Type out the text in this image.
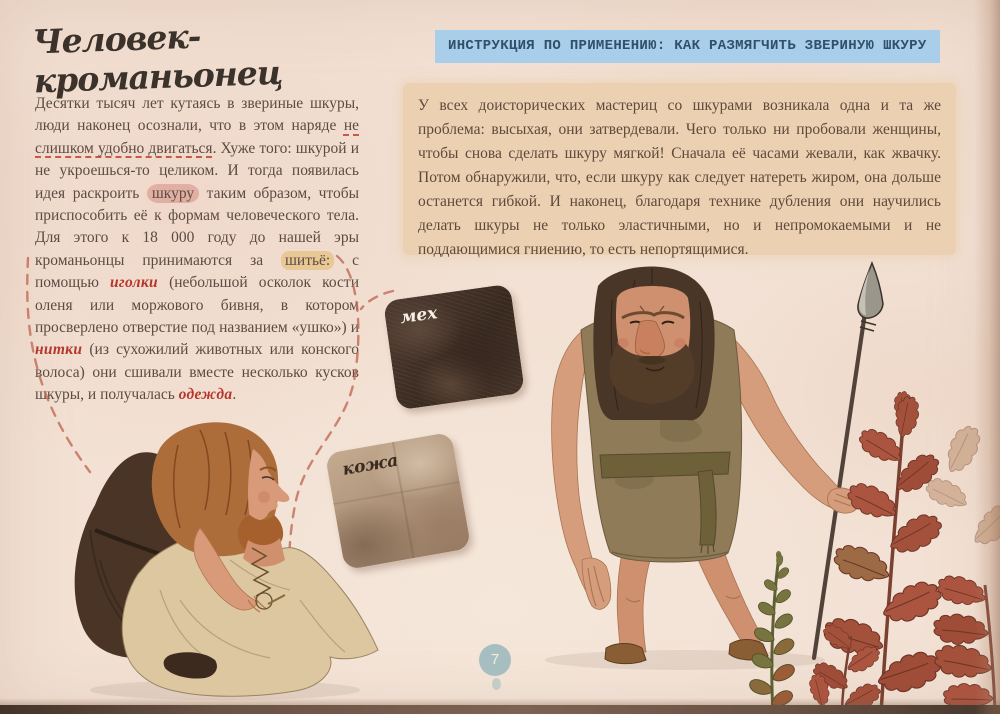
Человек-кроманьонец
Десятки тысяч лет кутаясь в звериные шкуры, люди наконец осознали, что в этом наряде не слишком удобно двигаться. Хуже того: шкурой и не укроешься-то целиком. И тогда появилась идея раскроить шкуру таким образом, чтобы приспособить её к формам человеческого тела. Для этого к 18 000 году до нашей эры кроманьонцы принимаются за шитьё: с помощью иголки (небольшой осколок кости оленя или моржового бивня, в котором просверлено отверстие под названием «ушко») и нитки (из сухожилий животных или конского волоса) они сшивали вместе несколько кусков шкуры, и получалась одежда.
ИНСТРУКЦИЯ ПО ПРИМЕНЕНИЮ: КАК РАЗМЯГЧИТЬ ЗВЕРИНУЮ ШКУРУ

У всех доисторических мастериц со шкурами возникала одна и та же проблема: высыхая, они затвердевали. Чего только ни пробовали женщины, чтобы снова сделать шкуру мягкой! Сначала её часами жевали, как жвачку. Потом обнаружили, что, если шкуру как следует натереть жиром, она дольше останется гибкой. И наконец, благодаря технике дубления они научились делать шкуры не только эластичными, но и непромокаемыми и не поддающимися гниению, то есть непортящимися.

мех
кожа
7
